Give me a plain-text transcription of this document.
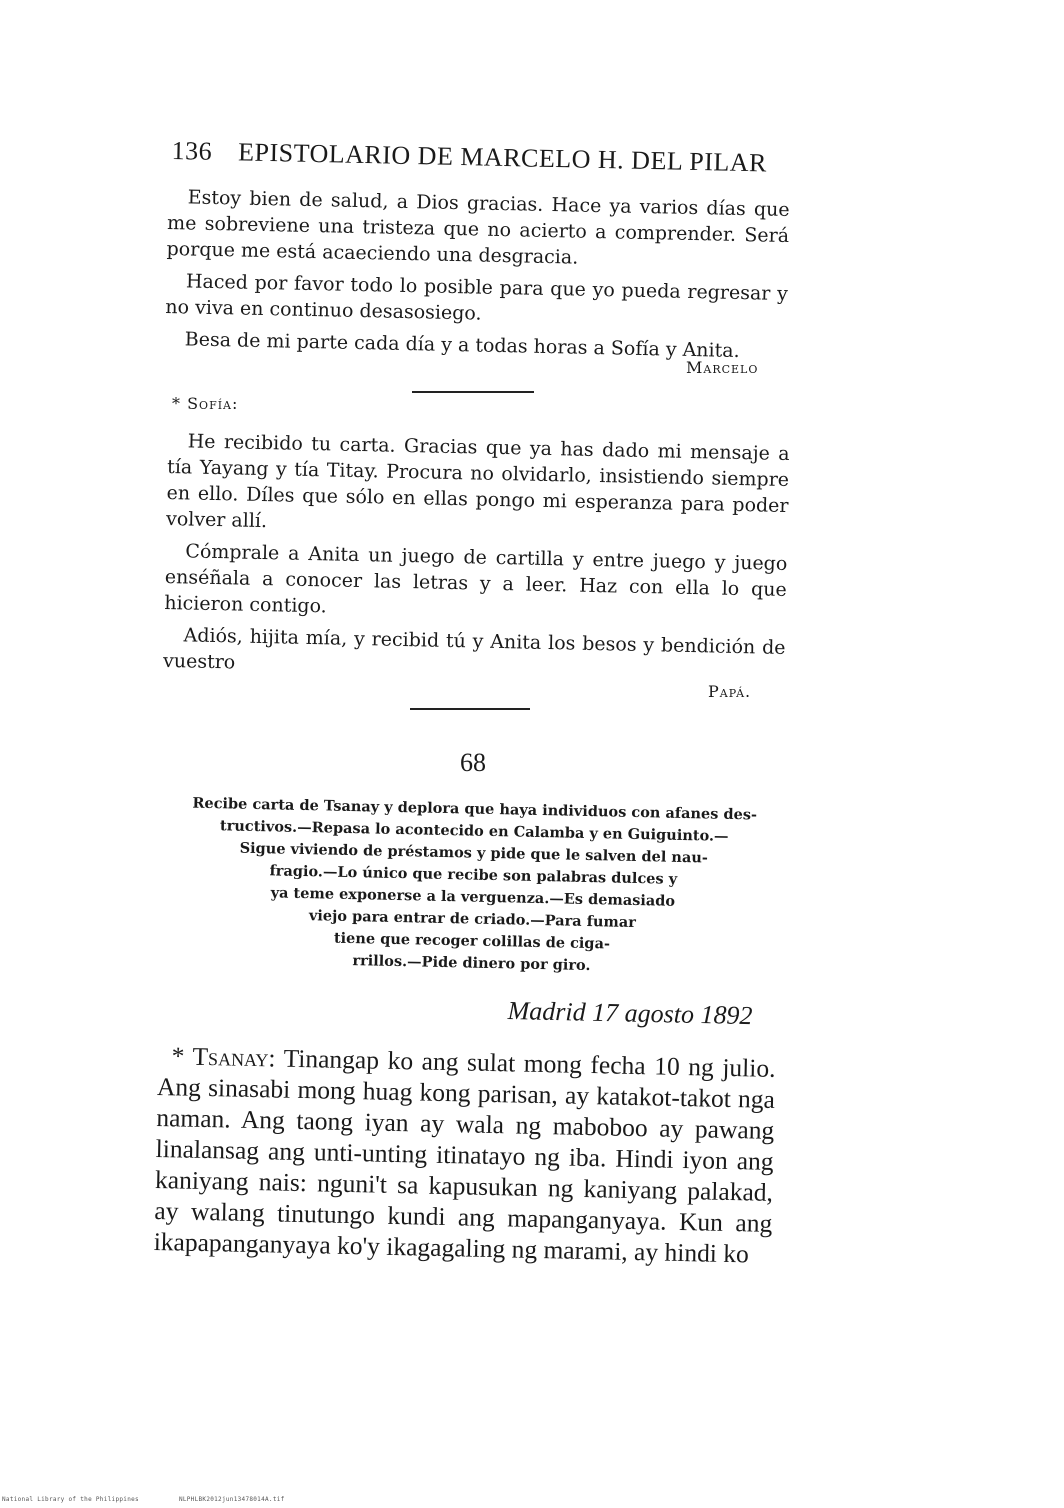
136 EPISTOLARIO DE MARCELO H. DEL PILAR

Estoy bien de salud, a Dios gracias. Hace ya varios días que me sobreviene una tristeza que no acierto a comprender. Será porque me está acaeciendo una desgracia.

Haced por favor todo lo posible para que yo pueda regresar y no viva en continuo desasosiego.

Besa de mi parte cada día y a todas horas a Sofía y Anita.

Marcelo
* Sofía:

He recibido tu carta. Gracias que ya has dado mi mensaje a tía Yayang y tía Titay. Procura no olvidarlo, insistiendo siempre en ello. Díles que sólo en ellas pongo mi esperanza para poder volver allí.

Cómprale a Anita un juego de cartilla y entre juego y juego enséñala a conocer las letras y a leer. Haz con ella lo que hicieron contigo.

Adiós, hijita mía, y recibid tú y Anita los besos y bendición de vuestro

Papá.
68
Recibe carta de Tsanay y deplora que haya individuos con afanes des-
tructivos.—Repasa lo acontecido en Calamba y en Guiguinto.—
Sigue viviendo de préstamos y pide que le salven del nau-
fragio.—Lo único que recibe son palabras dulces y
ya teme exponerse a la verguenza.—Es demasiado
viejo para entrar de criado.—Para fumar
tiene que recoger colillas de ciga-
rrillos.—Pide dinero por giro.
Madrid 17 agosto 1892

* Tsanay: Tinangap ko ang sulat mong fecha 10 ng julio. Ang sinasabi mong huag kong parisan, ay katakot-takot nga naman. Ang taong iyan ay wala ng maboboo ay pawang linalansag ang unti-unting itinatayo ng iba. Hindi iyon ang kaniyang nais: nguni't sa kapusukan ng kaniyang palakad, ay walang tinutungo kundi ang mapanganyaya. Kun ang ikapapanganyaya ko'y ikagagaling ng marami, ay hindi ko

National Library of the Philippines	NLPHLBK2012jun13478014A.tif
